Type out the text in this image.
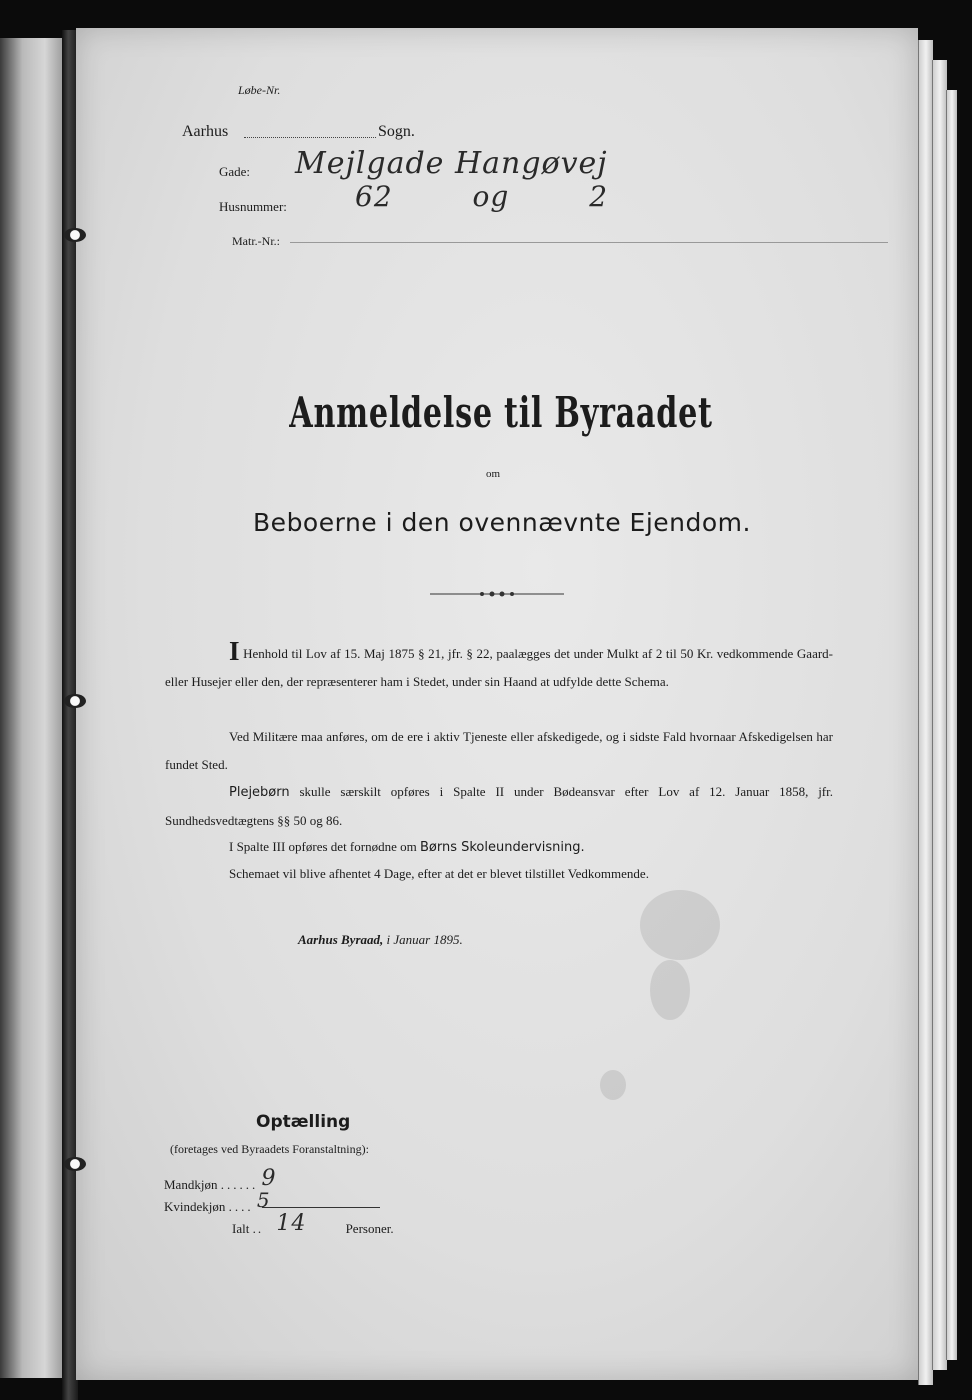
Løbe-Nr.
Aarhus	Sogn.
Gade: Mejlgade Hangøvej
Husnummer: 62 og 2
Matr.-Nr.:
Anmeldelse til Byraadet
om
Beboerne i den ovennævnte Ejendom.
I Henhold til Lov af 15. Maj 1875 § 21, jfr. § 22, paalægges det under Mulkt af 2 til 50 Kr. vedkommende Gaard- eller Husejer eller den, der repræsenterer ham i Stedet, under sin Haand at udfylde dette Schema.
Ved Militære maa anføres, om de ere i aktiv Tjeneste eller afskedigede, og i sidste Fald hvornaar Afskedigelsen har fundet Sted.
Plejebørn skulle særskilt opføres i Spalte II under Bødeansvar efter Lov af 12. Januar 1858, jfr. Sundhedsvedtægtens §§ 50 og 86.
I Spalte III opføres det fornødne om Børns Skoleundervisning.
Schemaet vil blive afhentet 4 Dage, efter at det er blevet tilstillet Vedkommende.
Aarhus Byraad, i Januar 1895.
Optælling
(foretages ved Byraadets Foranstaltning):
Mandkjøn ...... 9
Kvindekjøn .... 5
Ialt .. 14	Personer.
